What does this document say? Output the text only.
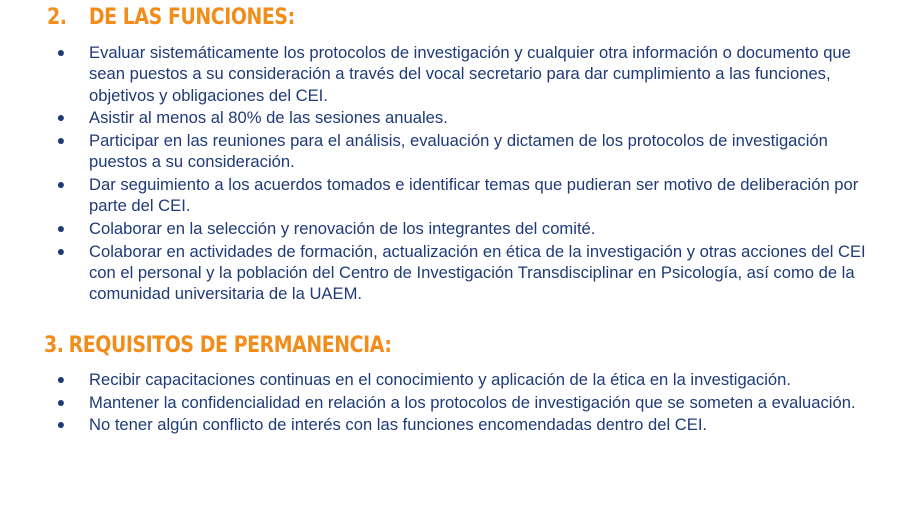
2. DE LAS FUNCIONES:
● Evaluar sistemáticamente los protocolos de investigación y cualquier otra información o documento que sean puestos a su consideración a través del vocal secretario para dar cumplimiento a las funciones, objetivos y obligaciones del CEI.
● Asistir al menos al 80% de las sesiones anuales.
● Participar en las reuniones para el análisis, evaluación y dictamen de los protocolos de investigación puestos a su consideración.
● Dar seguimiento a los acuerdos tomados e identificar temas que pudieran ser motivo de deliberación por parte del CEI.
● Colaborar en la selección y renovación de los integrantes del comité.
● Colaborar en actividades de formación, actualización en ética de la investigación y otras acciones del CEI con el personal y la población del Centro de Investigación Transdisciplinar en Psicología, así como de la comunidad universitaria de la UAEM.
3. REQUISITOS DE PERMANENCIA:
● Recibir capacitaciones continuas en el conocimiento y aplicación de la ética en la investigación.
● Mantener la confidencialidad en relación a los protocolos de investigación que se someten a evaluación.
● No tener algún conflicto de interés con las funciones encomendadas dentro del CEI.
